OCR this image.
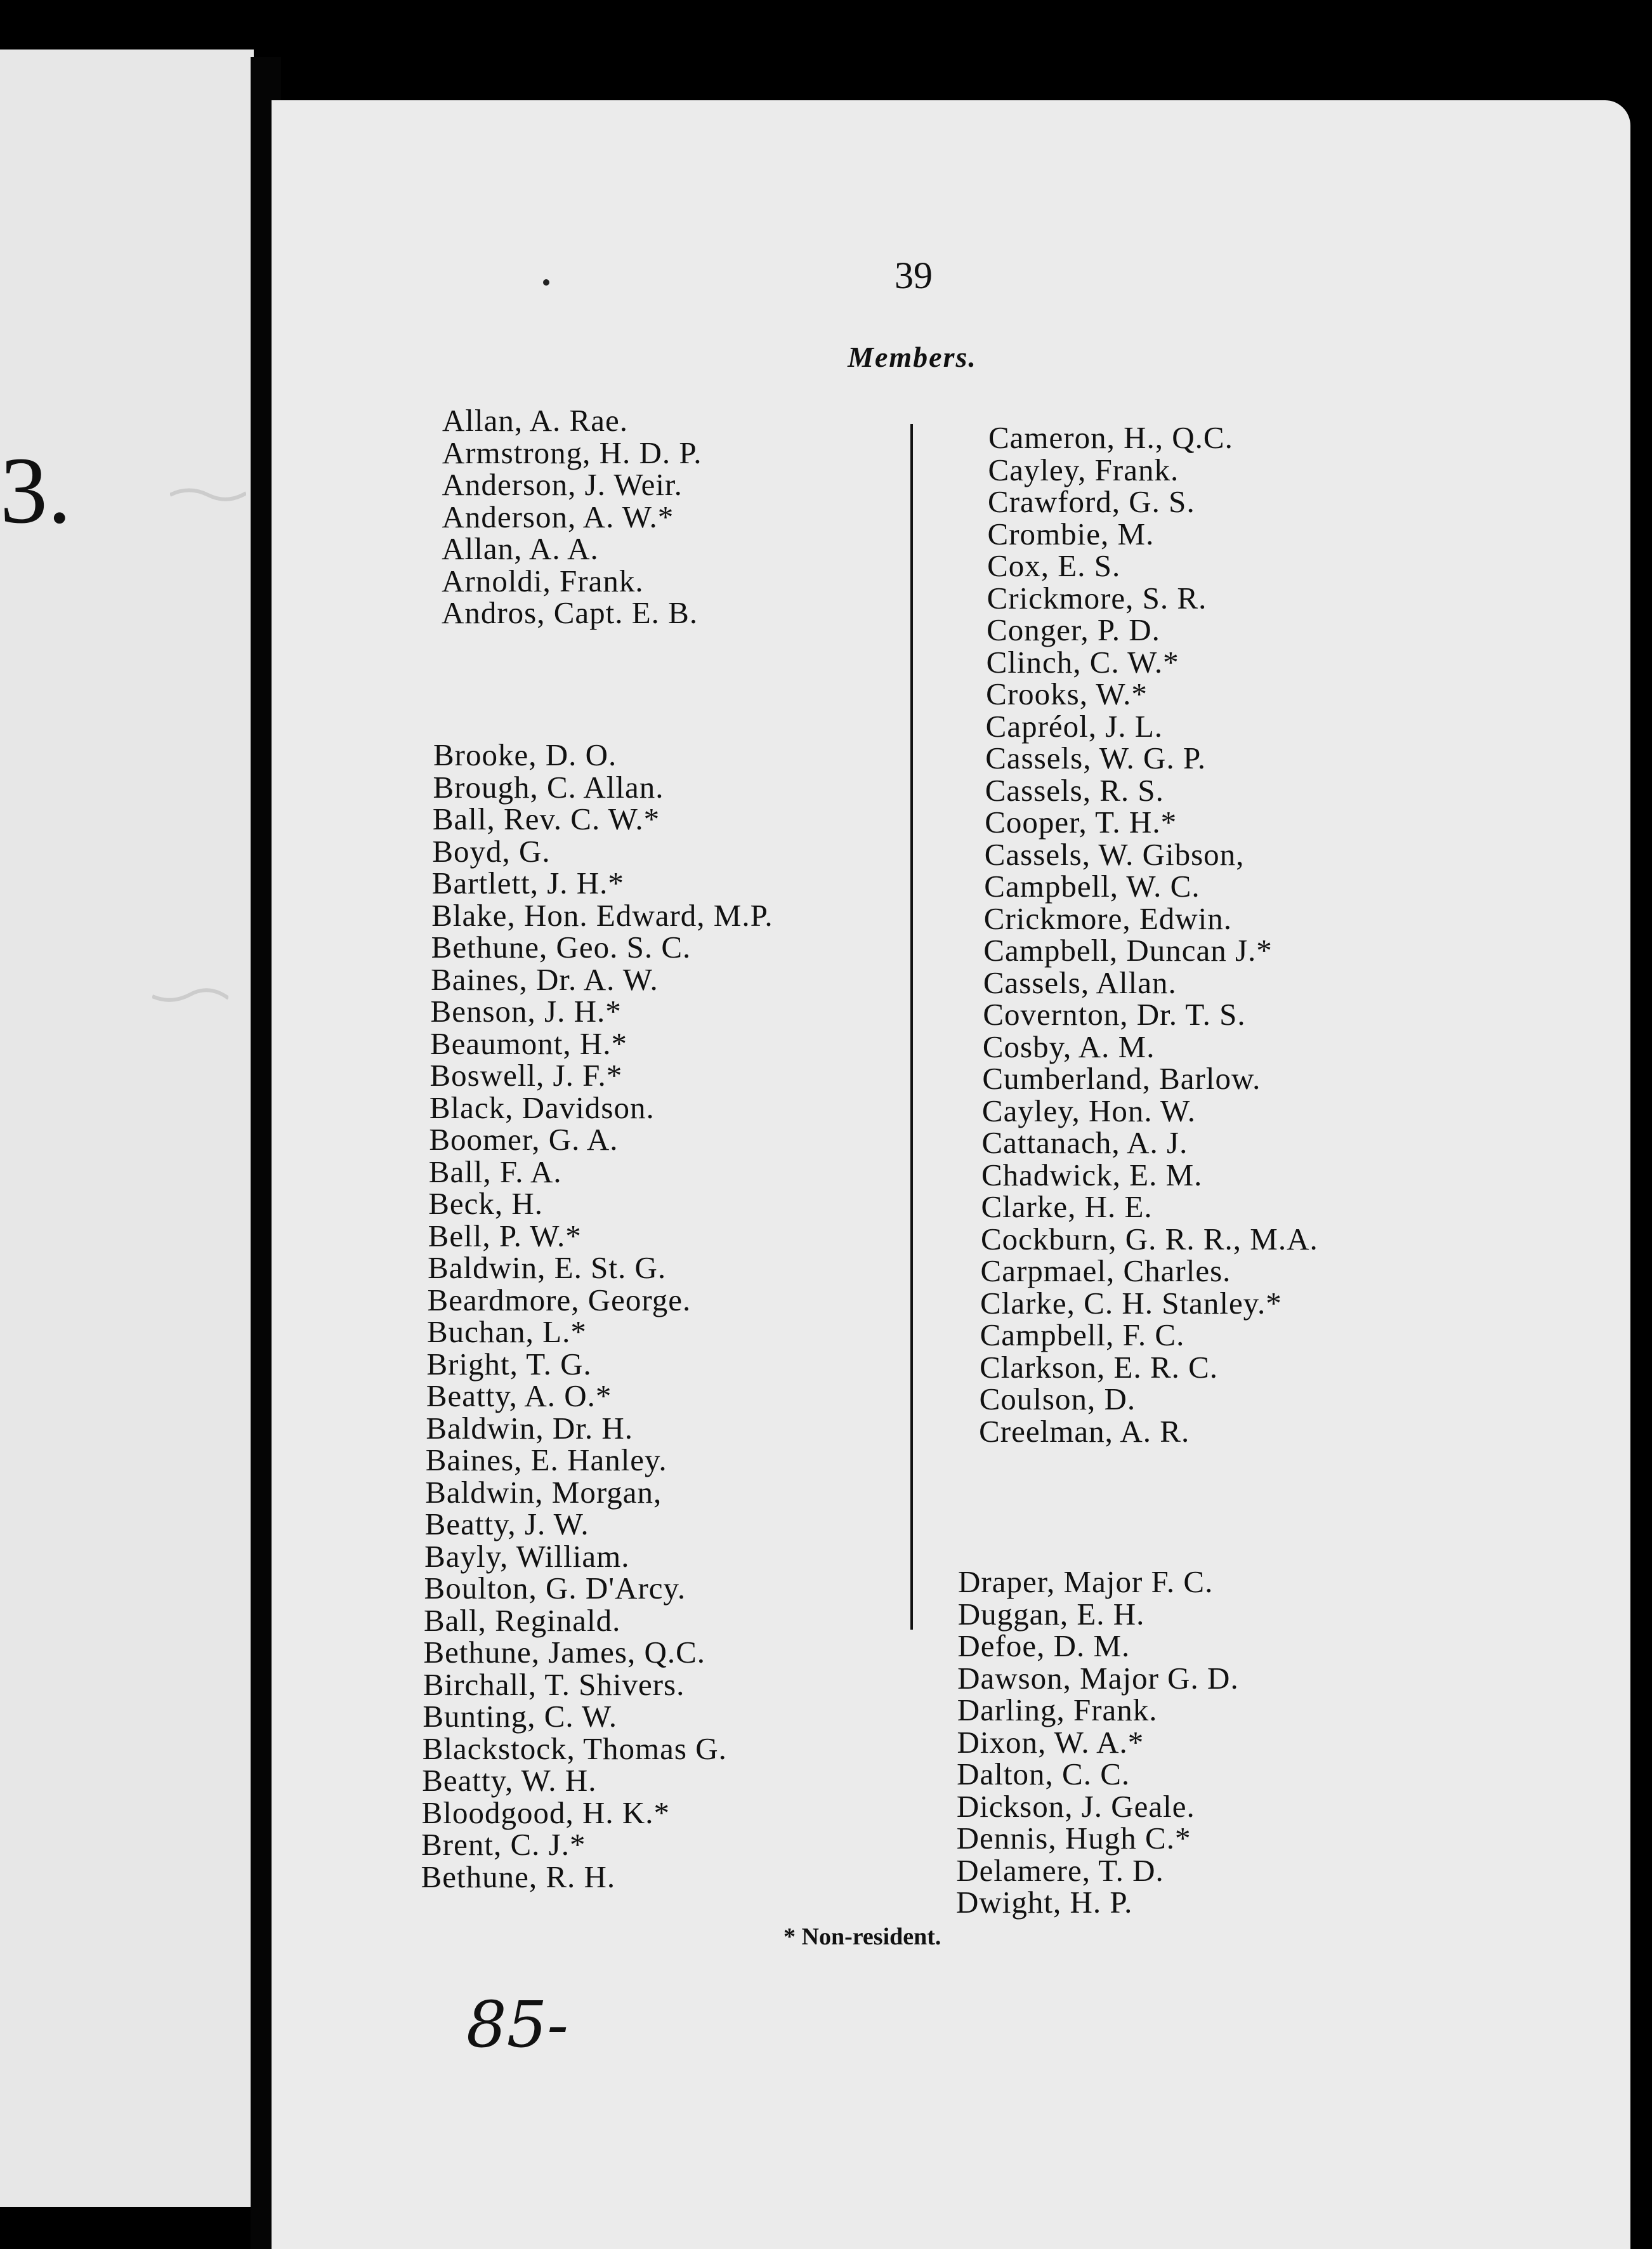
3.
39
Members.

Allan, A. Rae.

Armstrong, H. D. P.

Anderson, J. Weir.

Anderson, A. W.*

Allan, A. A.

Arnoldi, Frank.

Andros, Capt. E. B.

Brooke, D. O.

Brough, C. Allan.

Ball, Rev. C. W.*

Boyd, G.

Bartlett, J. H.*

Blake, Hon. Edward, M.P.

Bethune, Geo. S. C.

Baines, Dr. A. W.

Benson, J. H.*

Beaumont, H.*

Boswell, J. F.*

Black, Davidson.

Boomer, G. A.

Ball, F. A.

Beck, H.

Bell, P. W.*

Baldwin, E. St. G.

Beardmore, George.

Buchan, L.*

Bright, T. G.

Beatty, A. O.*

Baldwin, Dr. H.

Baines, E. Hanley.

Baldwin, Morgan,

Beatty, J. W.

Bayly, William.

Boulton, G. D'Arcy.

Ball, Reginald.

Bethune, James, Q.C.

Birchall, T. Shivers.

Bunting, C. W.

Blackstock, Thomas G.

Beatty, W. H.

Bloodgood, H. K.*

Brent, C. J.*

Bethune, R. H.

Cameron, H., Q.C.

Cayley, Frank.

Crawford, G. S.

Crombie, M.

Cox, E. S.

Crickmore, S. R.

Conger, P. D.

Clinch, C. W.*

Crooks, W.*

Capréol, J. L.

Cassels, W. G. P.

Cassels, R. S.

Cooper, T. H.*

Cassels, W. Gibson,

Campbell, W. C.

Crickmore, Edwin.

Campbell, Duncan J.*

Cassels, Allan.

Covernton, Dr. T. S.

Cosby, A. M.

Cumberland, Barlow.

Cayley, Hon. W.

Cattanach, A. J.

Chadwick, E. M.

Clarke, H. E.

Cockburn, G. R. R., M.A.

Carpmael, Charles.

Clarke, C. H. Stanley.*

Campbell, F. C.

Clarkson, E. R. C.

Coulson, D.

Creelman, A. R.

Draper, Major F. C.

Duggan, E. H.

Defoe, D. M.

Dawson, Major G. D.

Darling, Frank.

Dixon, W. A.*

Dalton, C. C.

Dickson, J. Geale.

Dennis, Hugh C.*

Delamere, T. D.

Dwight, H. P.

* Non-resident.
85-
